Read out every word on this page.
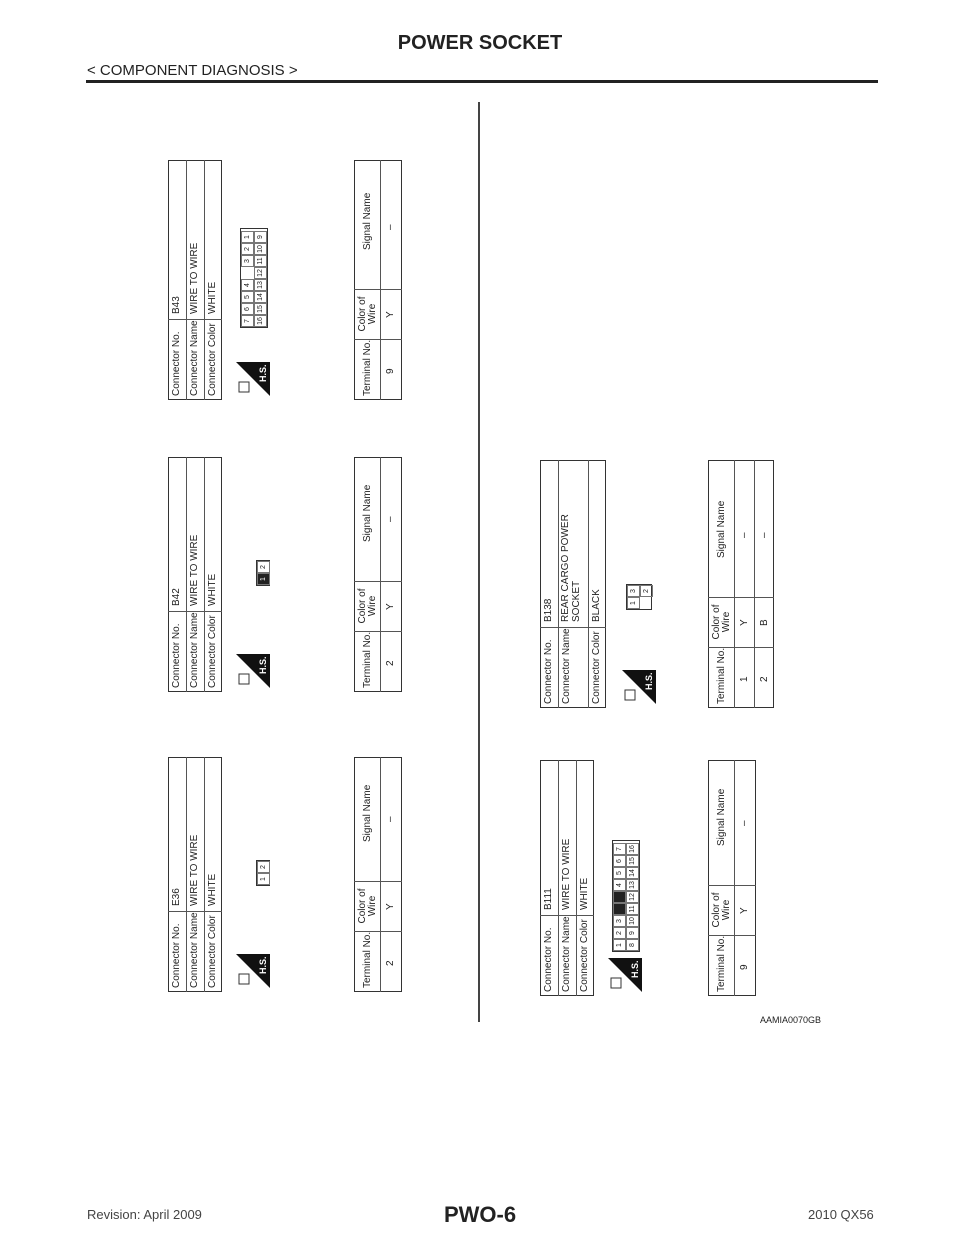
POWER SOCKET
< COMPONENT DIAGNOSIS >
Connector No. Connector Name Connector Color
E36 WIRE TO WIRE WHITE
H.S.
1
2
Terminal No.
Color of Wire
Signal Name
2
Y
–
Connector No. Connector Name Connector Color
B42 WIRE TO WIRE WHITE
H.S.
1
2
Terminal No.
Color of Wire
Signal Name
2
Y
–
Connector No. Connector Name Connector Color
B43 WIRE TO WIRE WHITE
H.S.
7
6
5
4
3
2
1
16
15
14
13
12
11
10
9
Terminal No.
Color of Wire
Signal Name
9
Y
–
Connector No. Connector Name Connector Color
B111 WIRE TO WIRE WHITE
H.S.
1
2
3
4
5
6
7
8
9
10
11
12
13
14
15
16
Terminal No.
Color of Wire
Signal Name
9
Y
–
Connector No. Connector Name Connector Color
B138 REAR CARGO POWER SOCKET BLACK
H.S.
1
3 2
Terminal No.
Color of Wire
Signal Name
1
Y
–
2
B
–
AAMIA0070GB
Revision: April 2009	PWO-6	2010 QX56
